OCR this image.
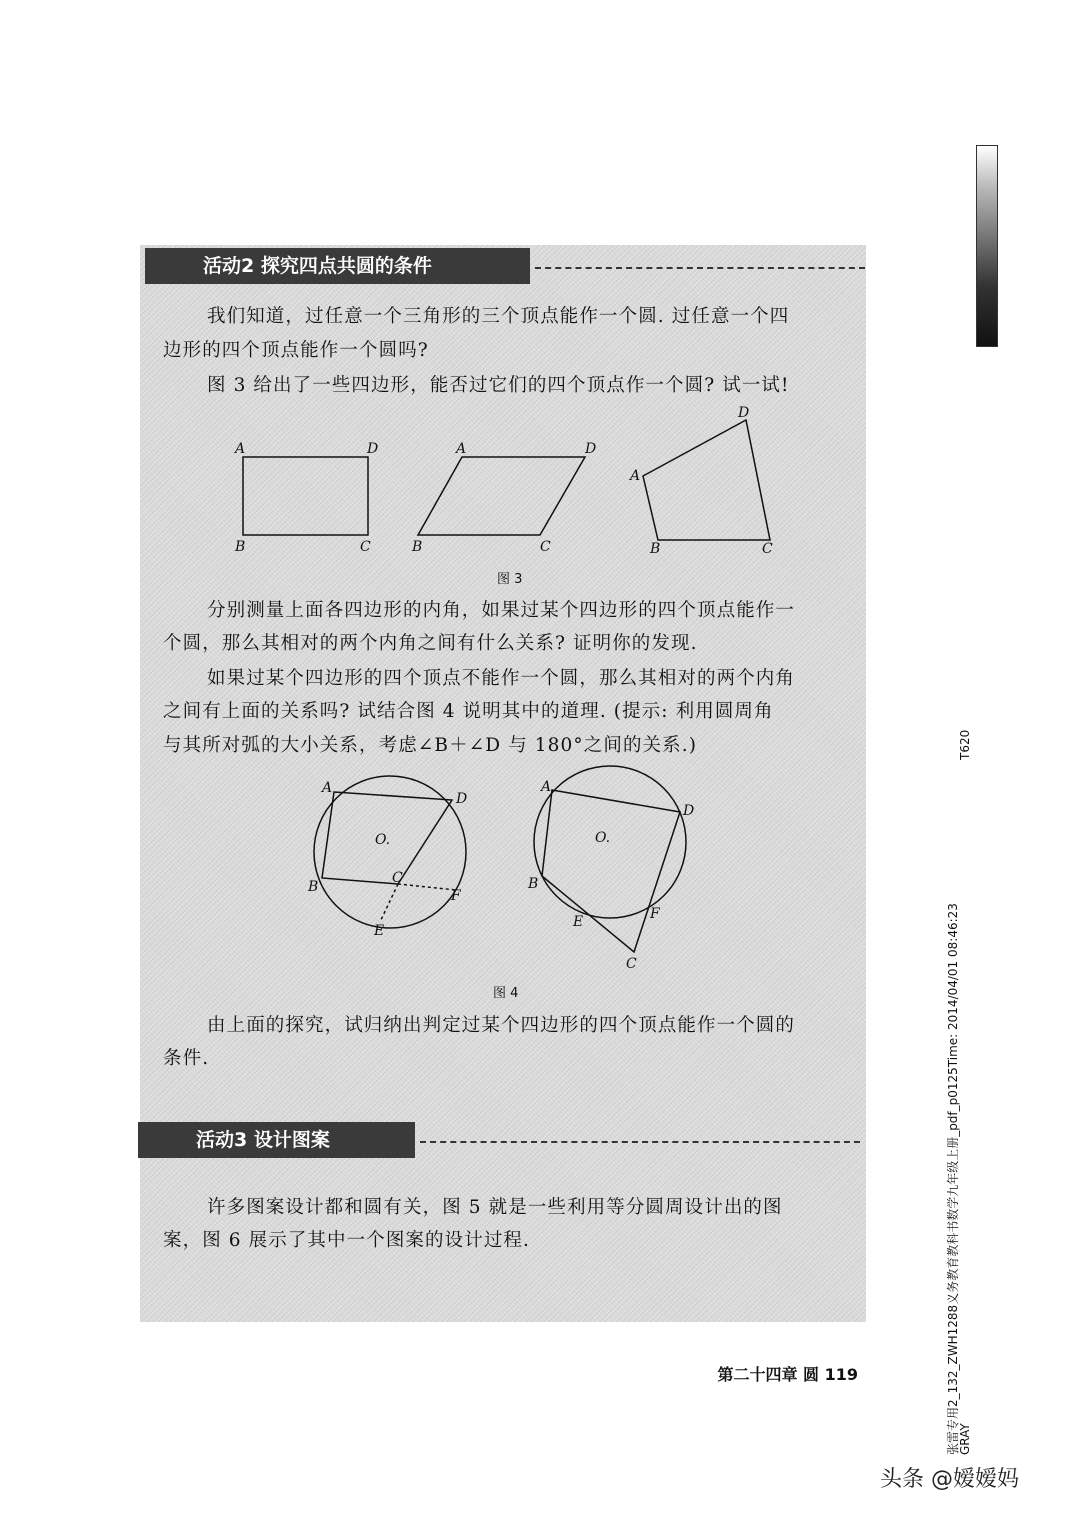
活动2 探究四点共圆的条件
我们知道，过任意一个三角形的三个顶点能作一个圆. 过任意一个四
边形的四个顶点能作一个圆吗?
图 3 给出了一些四边形，能否过它们的四个顶点作一个圆? 试一试!
A	D
B	C
A	D
B	C
A
D
B	C
A
D
O.
C
B
F
E
A
D
O.
B
E	F
C
图 3
分别测量上面各四边形的内角，如果过某个四边形的四个顶点能作一
个圆，那么其相对的两个内角之间有什么关系? 证明你的发现.
如果过某个四边形的四个顶点不能作一个圆，那么其相对的两个内角
之间有上面的关系吗? 试结合图 4 说明其中的道理. (提示: 利用圆周角
与其所对弧的大小关系，考虑∠B＋∠D 与 180°之间的关系.)
图 4
由上面的探究，试归纳出判定过某个四边形的四个顶点能作一个圆的
条件.
活动3 设计图案
许多图案设计都和圆有关，图 5 就是一些利用等分圆周设计出的图
案，图 6 展示了其中一个图案的设计过程.
第二十四章 圆 119	张雷专用2_132_ZWH1288义务教育教科书数学九年级上册_pdf_p0125Time: 2014/04/01 08:46:23
GRAY
T620
头条 @嫒嫒妈
